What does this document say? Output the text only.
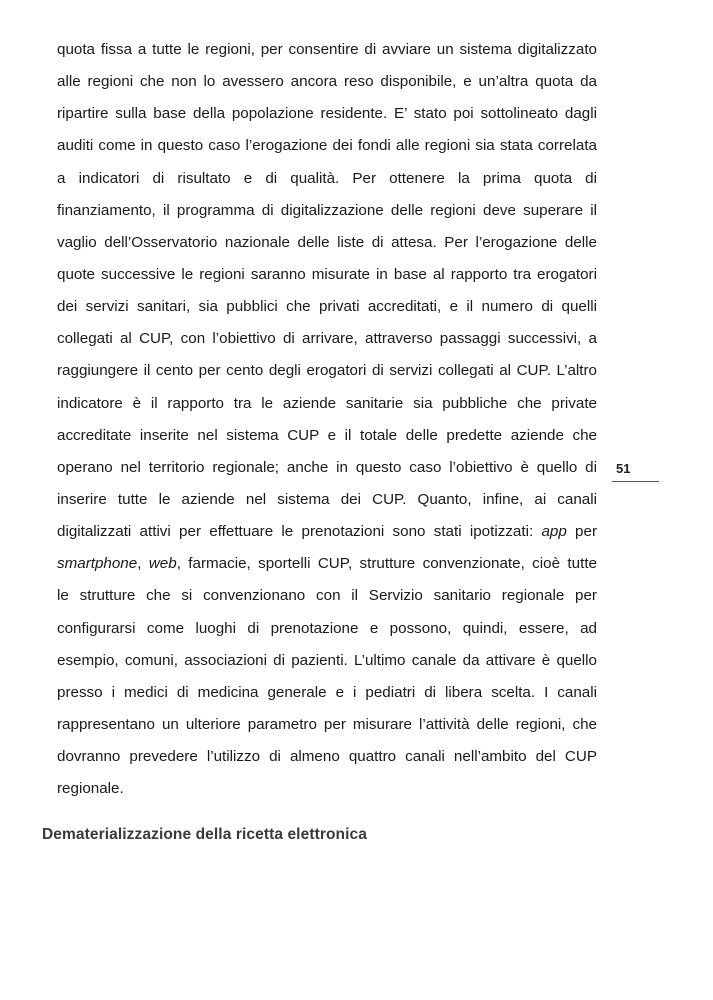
quota fissa a tutte le regioni, per consentire di avviare un sistema digitalizzato
alle regioni che non lo avessero ancora reso disponibile, e un’altra quota da
ripartire sulla base della popolazione residente. E’ stato poi sottolineato dagli
auditi come in questo caso l’erogazione dei fondi alle regioni sia stata correlata
a indicatori di risultato e di qualità. Per ottenere la prima quota di
finanziamento, il programma di digitalizzazione delle regioni deve superare il
vaglio dell’Osservatorio nazionale delle liste di attesa. Per l’erogazione delle
quote successive le regioni saranno misurate in base al rapporto tra erogatori
dei servizi sanitari, sia pubblici che privati accreditati, e il numero di quelli
collegati al CUP, con l’obiettivo di arrivare, attraverso passaggi successivi, a
raggiungere il cento per cento degli erogatori di servizi collegati al CUP. L’altro
indicatore è il rapporto tra le aziende sanitarie sia pubbliche che private
accreditate inserite nel sistema CUP e il totale delle predette aziende che
operano nel territorio regionale; anche in questo caso l’obiettivo è quello di
inserire tutte le aziende nel sistema dei CUP. Quanto, infine, ai canali
digitalizzati attivi per effettuare le prenotazioni sono stati ipotizzati: app per
smartphone, web, farmacie, sportelli CUP, strutture convenzionate, cioè tutte
le strutture che si convenzionano con il Servizio sanitario regionale per
configurarsi come luoghi di prenotazione e possono, quindi, essere, ad
esempio, comuni, associazioni di pazienti. L’ultimo canale da attivare è quello
presso i medici di medicina generale e i pediatri di libera scelta. I canali
rappresentano un ulteriore parametro per misurare l’attività delle regioni, che
dovranno prevedere l’utilizzo di almeno quattro canali nell’ambito del CUP
regionale.
51
Dematerializzazione della ricetta elettronica
